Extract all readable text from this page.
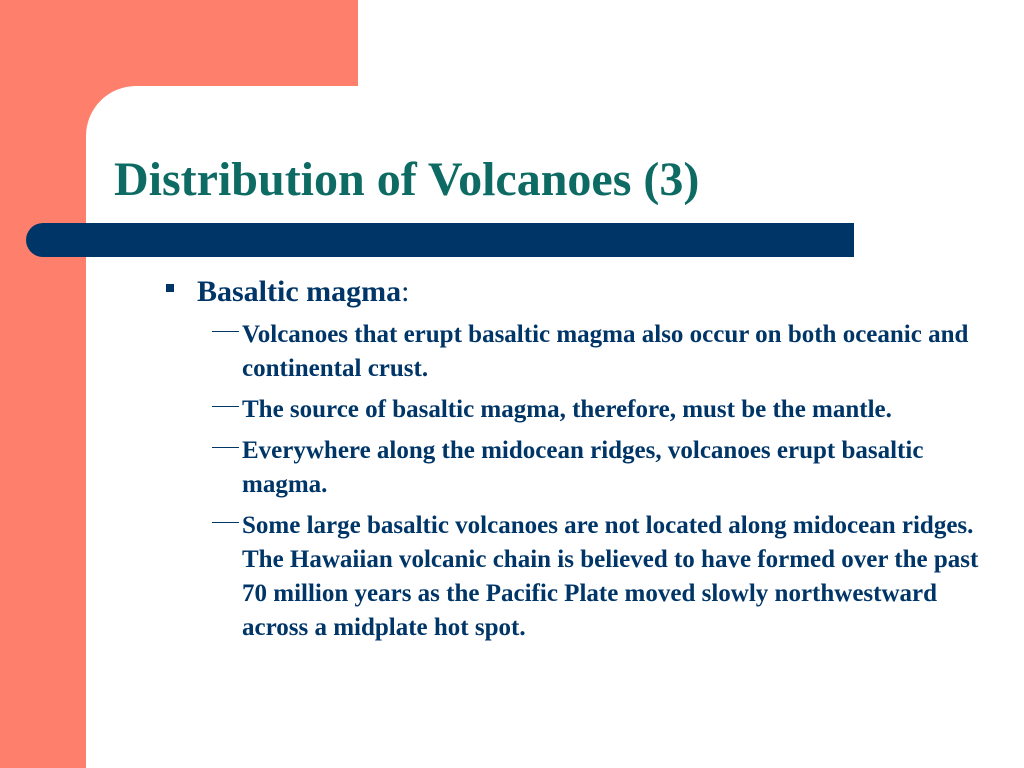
Distribution of Volcanoes (3)
Basaltic magma:
Volcanoes that erupt basaltic magma also occur on both oceanic and continental crust.
The source of basaltic magma, therefore, must be the mantle.
Everywhere along the midocean ridges, volcanoes erupt basaltic magma.
Some large basaltic volcanoes are not located along midocean ridges. The Hawaiian volcanic chain is believed to have formed over the past 70 million years as the Pacific Plate moved slowly northwestward across a midplate hot spot.
